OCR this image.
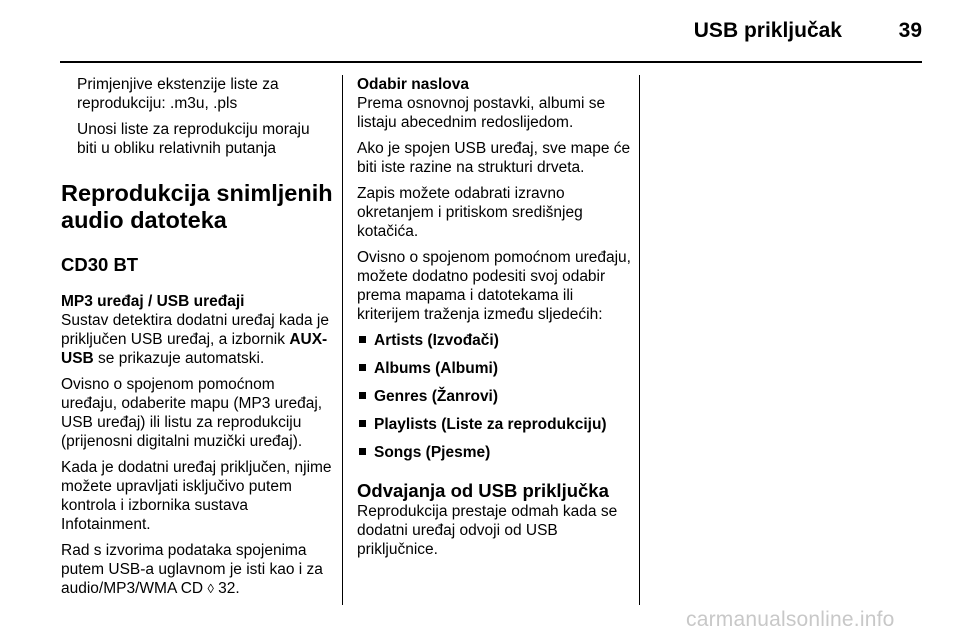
USB priključak	39

Primjenjive ekstenzije liste za
reprodukciju: .m3u, .pls

Unosi liste za reprodukciju moraju
biti u obliku relativnih putanja

Reprodukcija snimljenih
audio datoteka
CD30 BT
MP3 uređaj / USB uređaji

Sustav detektira dodatni uređaj kada je priključen USB uređaj, a izbornik AUX-USB se prikazuje automatski.

Ovisno o spojenom pomoćnom uređaju, odaberite mapu (MP3 uređaj, USB uređaj) ili listu za reprodukciju (prijenosni digitalni muzički uređaj).

Kada je dodatni uređaj priključen, njime možete upravljati isključivo putem kontrola i izbornika sustava Infotainment.

Rad s izvorima podataka spojenima putem USB-a uglavnom je isti kao i za audio/MP3/WMA CD ◊ 32.

Odabir naslova

Prema osnovnoj postavki, albumi se listaju abecednim redoslijedom.

Ako je spojen USB uređaj, sve mape će biti iste razine na strukturi drveta.

Zapis možete odabrati izravno okretanjem i pritiskom središnjeg kotačića.

Ovisno o spojenom pomoćnom uređaju, možete dodatno podesiti svoj odabir prema mapama i datotekama ili kriterijem traženja između sljedećih:

Artists (Izvođači)
Albums (Albumi)
Genres (Žanrovi)
Playlists (Liste za reprodukciju)
Songs (Pjesme)
Odvajanja od USB priključka

Reprodukcija prestaje odmah kada se dodatni uređaj odvoji od USB priključnice.

carmanualsonline.info
